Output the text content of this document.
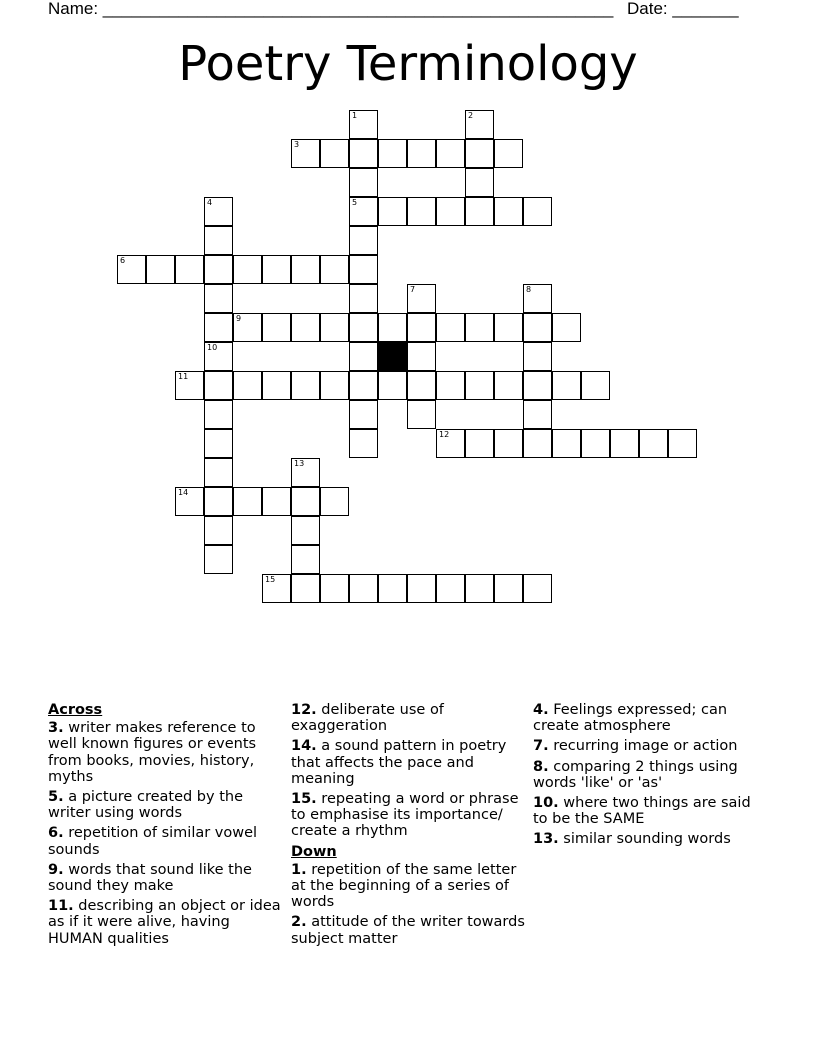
Name: ______________________________________________________ Date: _______
Poetry Terminology
1
5
2
3
4
10
6
7	8
9
11
12
13
14
15
Across
3. writer makes reference to well known figures or events from books, movies, history, myths
5. a picture created by the writer using words
6. repetition of similar vowel sounds
9. words that sound like the sound they make
11. describing an object or idea as if it were alive, having HUMAN qualities
12. deliberate use of exaggeration
14. a sound pattern in poetry that affects the pace and meaning
15. repeating a word or phrase to emphasise its importance/ create a rhythm
Down
1. repetition of the same letter at the beginning of a series of words
2. attitude of the writer towards subject matter
4. Feelings expressed; can create atmosphere
7. recurring image or action
8. comparing 2 things using words 'like' or 'as'
10. where two things are said to be the SAME
13. similar sounding words
